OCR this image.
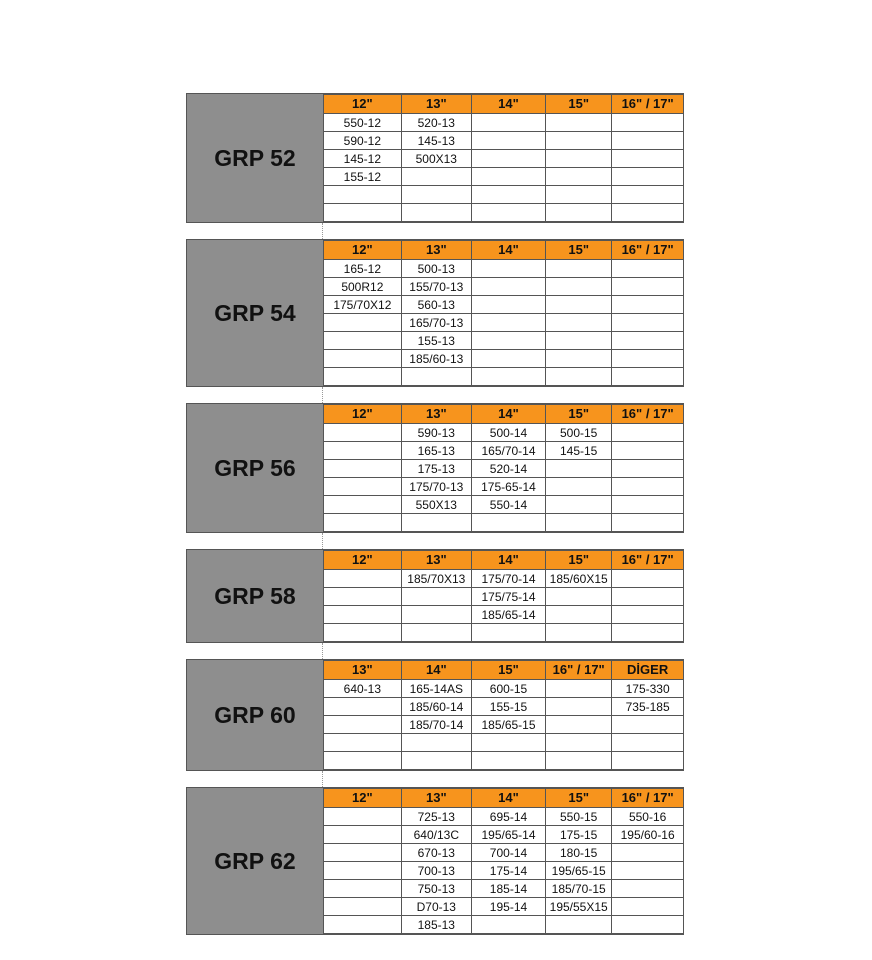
GRP 52
12"	13"	14"	15"	16" / 17"
550-12	520-13			
590-12	145-13			
145-12	500X13			
155-12				

GRP 54
12"	13"	14"	15"	16" / 17"
165-12	500-13			
500R12	155/70-13			
175/70X12	560-13			
	165/70-13			
	155-13			
	185/60-13			

GRP 56
12"	13"	14"	15"	16" / 17"
	590-13	500-14	500-15	
	165-13	165/70-14	145-15	
	175-13	520-14		
	175/70-13	175-65-14		
	550X13	550-14		

GRP 58
12"	13"	14"	15"	16" / 17"
	185/70X13	175/70-14	185/60X15	
		175/75-14		
		185/65-14		

GRP 60
13"	14"	15"	16" / 17"	DİGER
640-13	165-14AS	600-15		175-330
	185/60-14	155-15		735-185
	185/70-14	185/65-15		

GRP 62
12"	13"	14"	15"	16" / 17"
	725-13	695-14	550-15	550-16
	640/13C	195/65-14	175-15	195/60-16
	670-13	700-14	180-15	
	700-13	175-14	195/65-15	
	750-13	185-14	185/70-15	
	D70-13	195-14	195/55X15	
	185-13			
